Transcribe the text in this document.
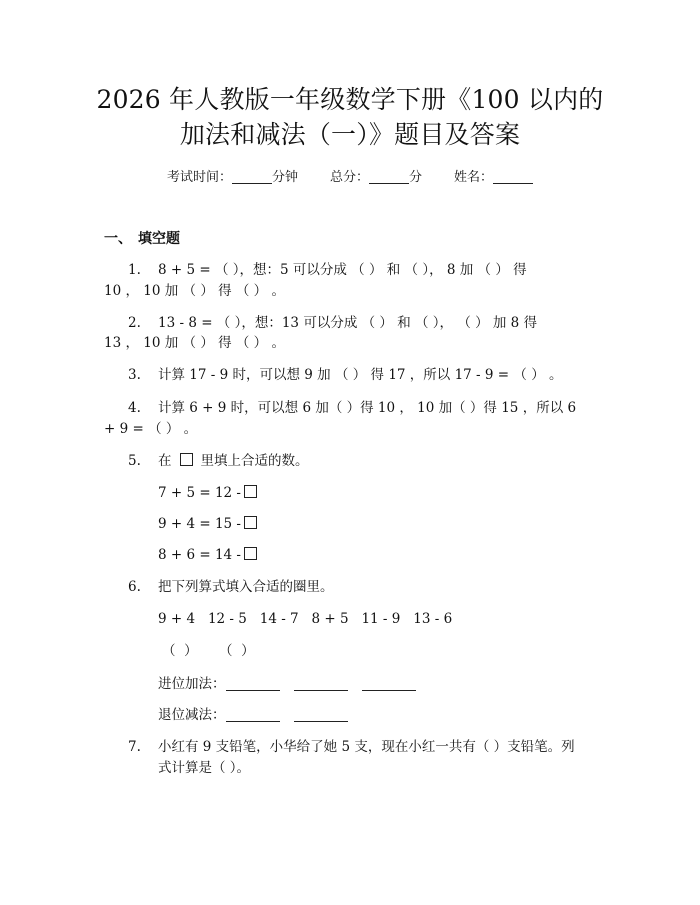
2026 年人教版一年级数学下册《100 以内的
加法和减法（一）》题目及答案
考试时间：	分钟 总分：	分 姓名：
一、 填空题
1. 8 + 5 = （ ），想：5 可以分成 （ ） 和 （ ）， 8 加 （ ） 得
10 ， 10 加 （ ） 得 （ ） 。
2. 13 - 8 = （ ），想：13 可以分成 （ ） 和 （ ）， （ ） 加 8 得
13 ， 10 加 （ ） 得 （ ） 。
3. 计算 17 - 9 时，可以想 9 加 （ ） 得 17 ，所以 17 - 9 = （ ） 。
4. 计算 6 + 9 时，可以想 6 加（ ）得 10 ， 10 加（ ）得 15 ，所以 6
+ 9 = （ ） 。
5. 在 里填上合适的数。
7 + 5 = 12 -
9 + 4 = 15 -
8 + 6 = 14 -
6. 把下列算式填入合适的圈里。
9 + 4   12 - 5   14 - 7   8 + 5   11 - 9   13 - 6
（  ）     （  ）
进位加法：
退位减法：
7. 小红有 9 支铅笔，小华给了她 5 支，现在小红一共有（ ）支铅笔。列
式计算是（ ）。
